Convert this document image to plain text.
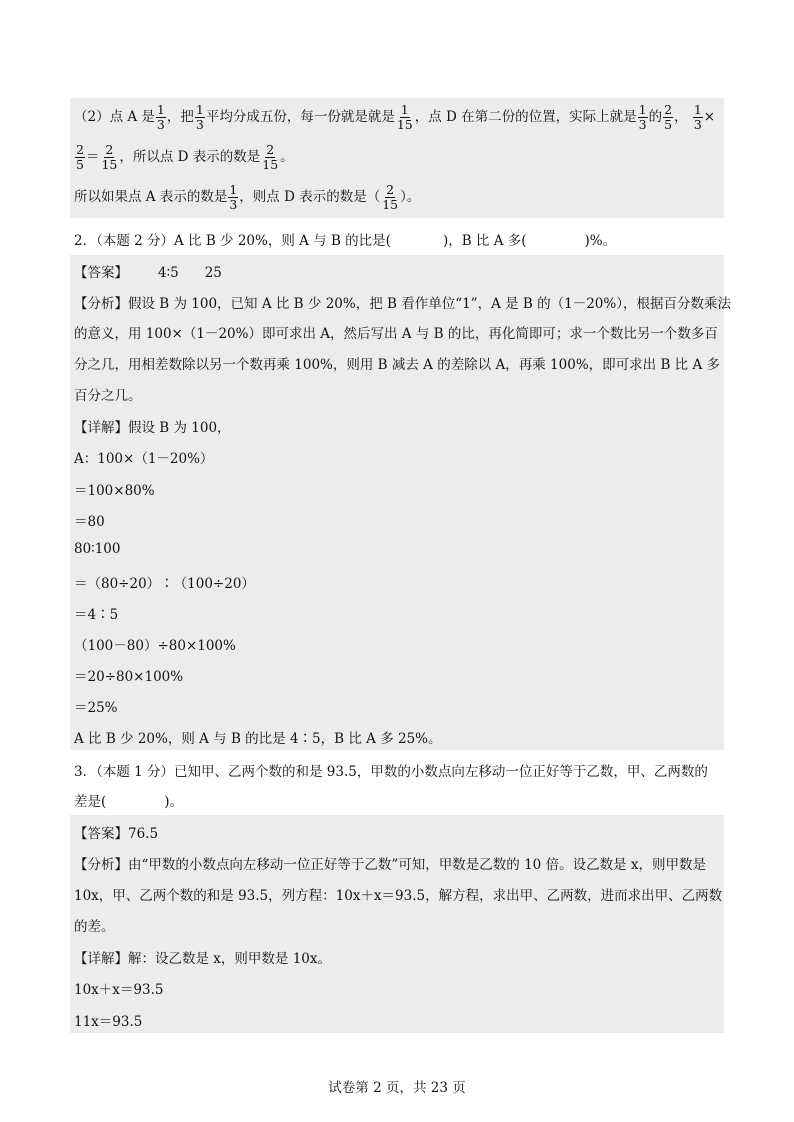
（2）点 A 是 $\frac{1}{3}$ ，把 $\frac{1}{3}$ 平均分成五份，每一份就是就是 $\frac{1}{15}$ ，点 D 在第二份的位置，实际上就是 $\frac{1}{3}$ 的 $\frac{2}{5}$ ， $\frac{1}{3}$ ×
$\frac{2}{5} = \frac{2}{15}$ ，所以点 D 表示的数是 $\frac{2}{15}$ 。
所以如果点 A 表示的数是 $\frac{1}{3}$ ，则点 D 表示的数是（ $\frac{2}{15}$ ）。
2．（本题 2 分）A 比 B 少 20%，则 A 与 B 的比是(	)，B 比 A 多(	)%。
【答案】 4∶5 25
【分析】假设 B 为 100，已知 A 比 B 少 20%，把 B 看作单位“1”，A 是 B 的（1－20%），根据百分数乘法
的意义，用 100×（1－20%）即可求出 A，然后写出 A 与 B 的比，再化简即可；求一个数比另一个数多百
分之几，用相差数除以另一个数再乘 100%，则用 B 减去 A 的差除以 A，再乘 100%，即可求出 B 比 A 多
百分之几。
【详解】假设 B 为 100，
A：100×（1－20%）
＝100×80%
＝80
80∶100
＝（80÷20）∶（100÷20）
＝4∶5
（100－80）÷80×100%
＝20÷80×100%
＝25%
A 比 B 少 20%，则 A 与 B 的比是 4∶5，B 比 A 多 25%。
3．（本题 1 分）已知甲、乙两个数的和是 93.5，甲数的小数点向左移动一位正好等于乙数，甲、乙两数的
差是(	)。
【答案】76.5
【分析】由“甲数的小数点向左移动一位正好等于乙数”可知，甲数是乙数的 10 倍。设乙数是 x，则甲数是
10x，甲、乙两个数的和是 93.5，列方程：10x＋x＝93.5，解方程，求出甲、乙两数，进而求出甲、乙两数
的差。
【详解】解：设乙数是 x，则甲数是 10x。
10x＋x＝93.5
11x＝93.5
试卷第 2 页，共 23 页
